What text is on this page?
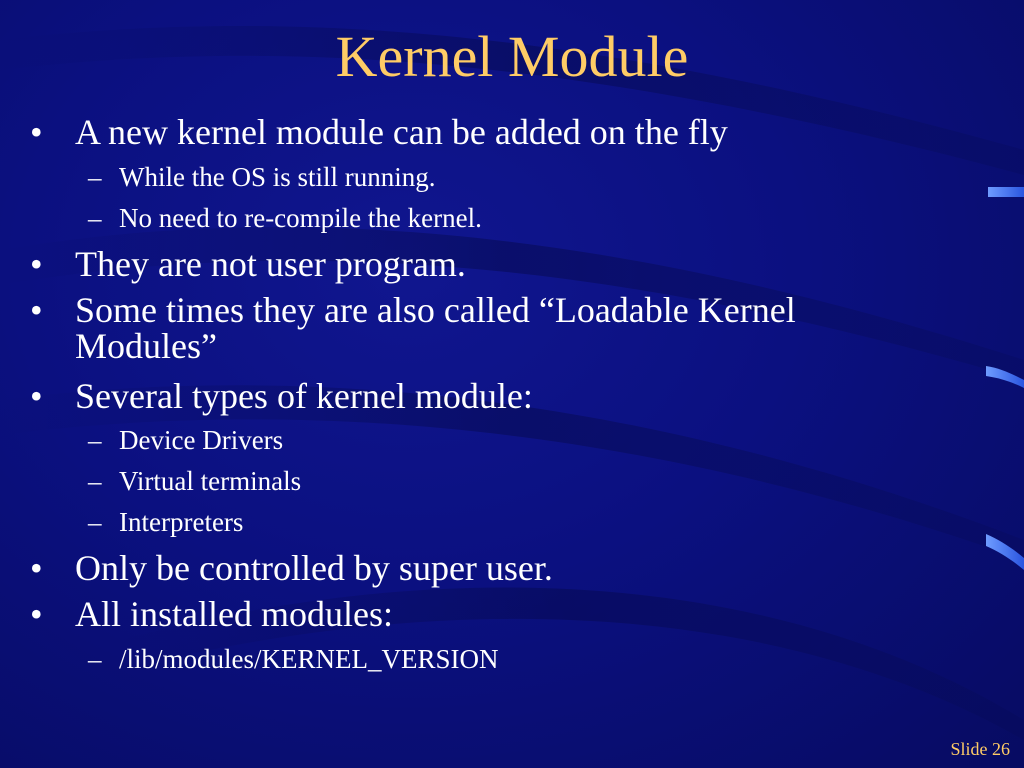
Kernel Module
• A new kernel module can be added on the fly
– While the OS is still running.
– No need to re-compile the kernel.
• They are not user program.
• Some times they are also called “Loadable Kernel Modules”
• Several types of kernel module:
– Device Drivers
– Virtual terminals
– Interpreters
• Only be controlled by super user.
• All installed modules:
– /lib/modules/KERNEL_VERSION
Slide 26
